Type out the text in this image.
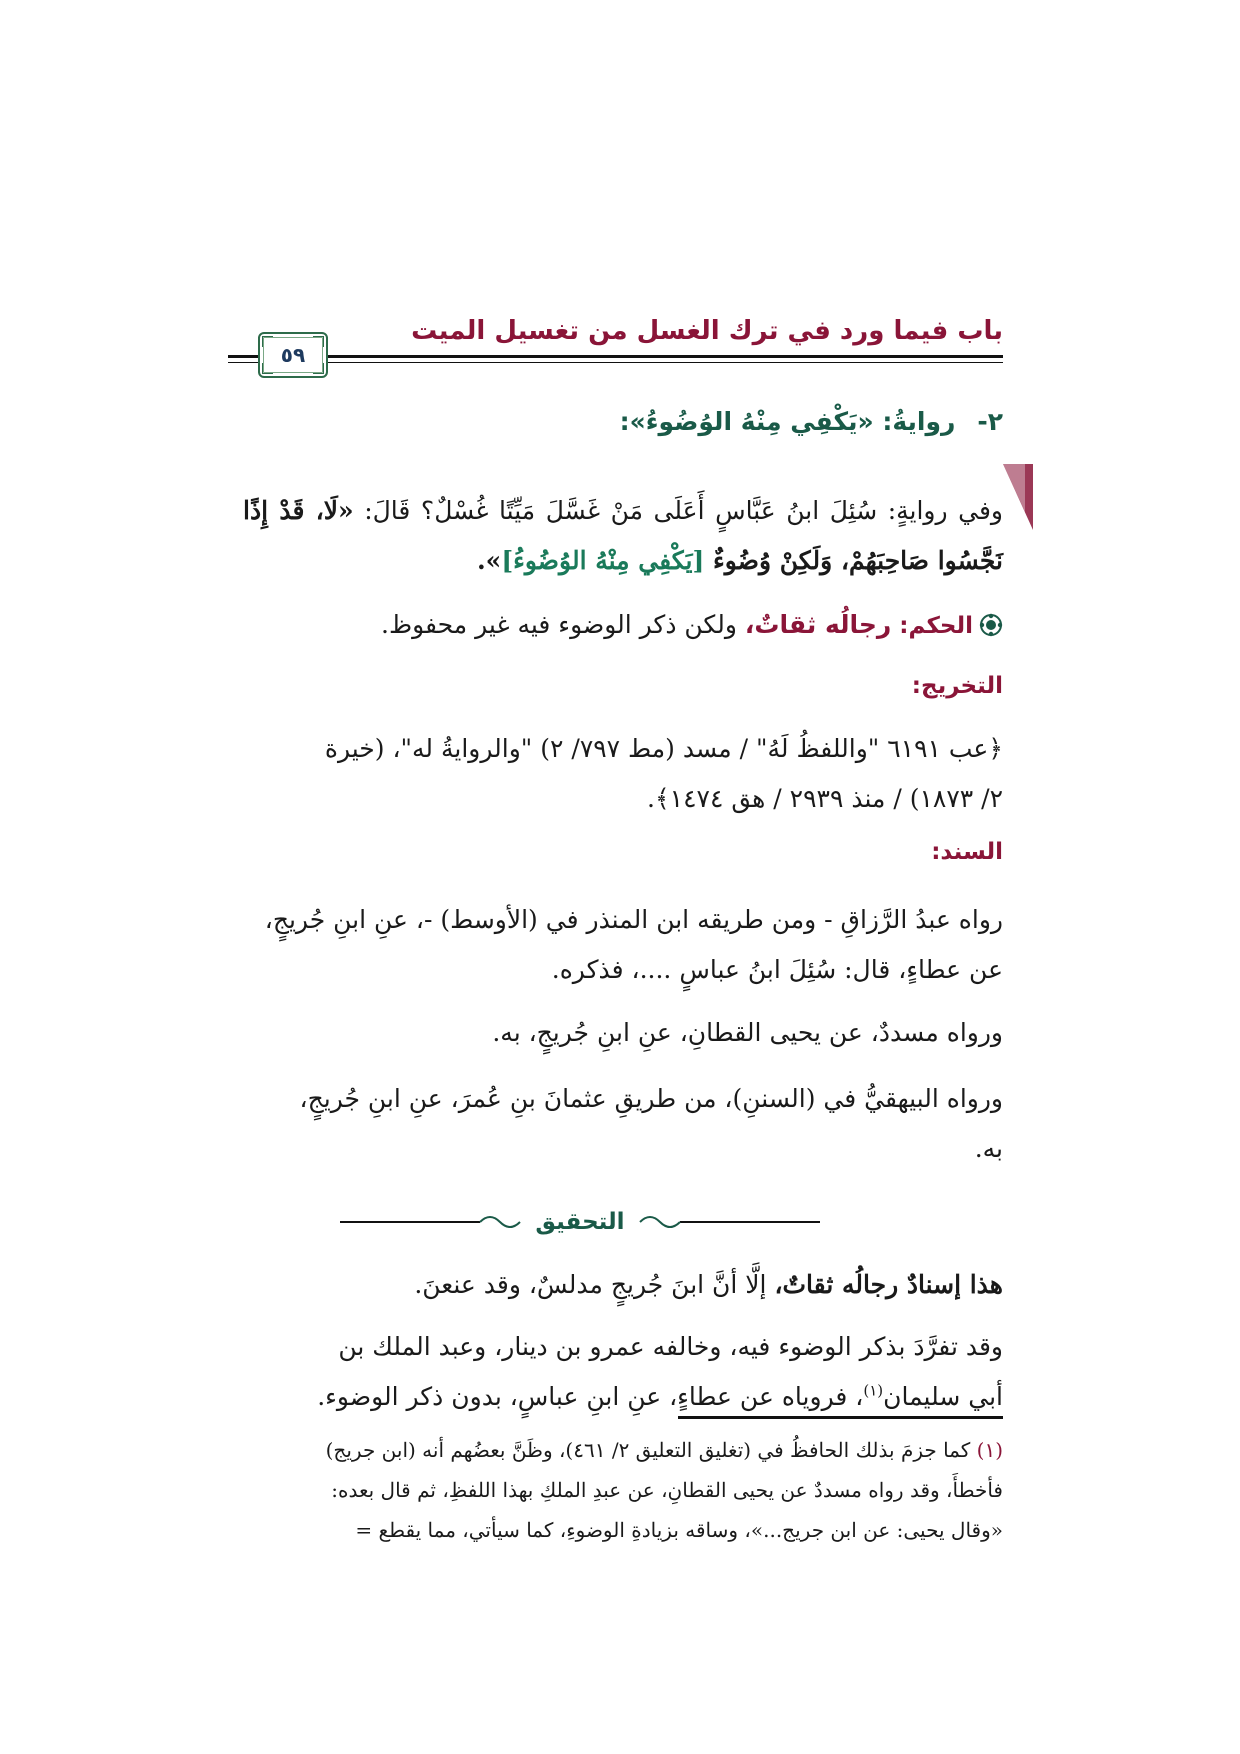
باب فيما ورد في ترك الغسل من تغسيل الميت
٥٩
٢- روايةُ: «يَكْفِي مِنْهُ الوُضُوءُ»:
وفي روايةٍ: سُئِلَ ابنُ عَبَّاسٍ أَعَلَى مَنْ غَسَّلَ مَيِّتًا غُسْلٌ؟ قَالَ: «لَا، قَدْ إِذًا نَجَّسُوا صَاحِبَهُمْ، وَلَكِنْ وُضُوءٌ [يَكْفِي مِنْهُ الوُضُوءُ]».
الحكم: رجالُه ثقاتٌ، ولكن ذكر الوضوء فيه غير محفوظ.
التخريج:
﴿عب ٦١٩١ "واللفظُ لَهُ" / مسد (مط ٧٩٧/ ٢) "والروايةُ له"، (خيرة
٢/ ١٨٧٣) / منذ ٢٩٣٩ / هق ١٤٧٤﴾.
السند:
رواه عبدُ الرَّزاقِ - ومن طريقه ابن المنذر في (الأوسط) -، عنِ ابنِ جُريجٍ،
عن عطاءٍ، قال: سُئِلَ ابنُ عباسٍ ....، فذكره.
ورواه مسددٌ، عن يحيى القطانِ، عنِ ابنِ جُريجٍ، به.
ورواه البيهقيُّ في (السننِ)، من طريقِ عثمانَ بنِ عُمرَ، عنِ ابنِ جُريجٍ،
به.
التحقيق
هذا إسنادٌ رجالُه ثقاتٌ، إلَّا أنَّ ابنَ جُريجٍ مدلسٌ، وقد عنعنَ.
وقد تفرَّدَ بذكر الوضوء فيه، وخالفه عمرو بن دينار، وعبد الملك بن
أبي سليمان$^{(١)}$، فروياه عن عطاءٍ، عنِ ابنِ عباسٍ، بدون ذكر الوضوء.
(١) كما جزمَ بذلك الحافظُ في (تغليق التعليق ٢/ ٤٦١)، وظَنَّ بعضُهم أنه (ابن جريج)
فأخطأَ، وقد رواه مسددٌ عن يحيى القطانِ، عن عبدِ الملكِ بهذا اللفظِ، ثم قال بعده:
«وقال يحيى: عن ابن جريج...»، وساقه بزيادةِ الوضوءِ، كما سيأتي، مما يقطع =
